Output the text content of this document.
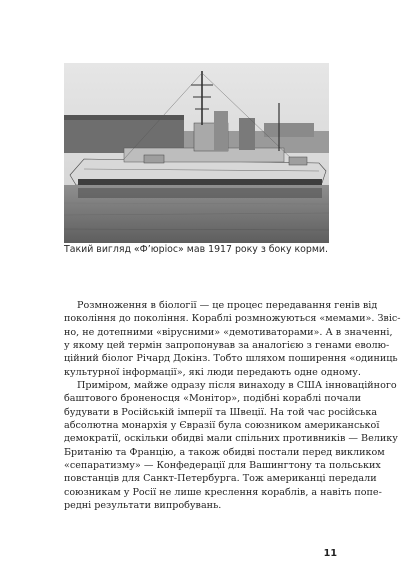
Такий вигляд «Ф’юріос» мав 1917 року з боку корми.

Розмноження в біології — це процес передавання генів від
покоління до покоління. Кораблі розмножуються «мемами». Звіс-
но, не дотепними «вірусними» «демотиваторами». А в значенні,
у якому цей термін запропонував за аналогією з генами еволю-
ційний біолог Річард Докінз. Тобто шляхом поширення «одиниць
культурної інформації», які люди передають одне одному.

Приміром, майже одразу після винаходу в США інноваційного
баштового броненосця «Монітор», подібні кораблі почали
будувати в Російській імперії та Швеції. На той час російська
абсолютна монархія у Євразії була союзником американської
демократії, оскільки обидві мали спільних противників — Велику
Британію та Францію, а також обидві постали перед викликом
«сепаратизму» — Конфедерації для Вашингтону та польських
повстанців для Санкт-Петербурга. Тож американці передали
союзникам у Росії не лише креслення кораблів, а навіть попе-
редні результати випробувань.

11
